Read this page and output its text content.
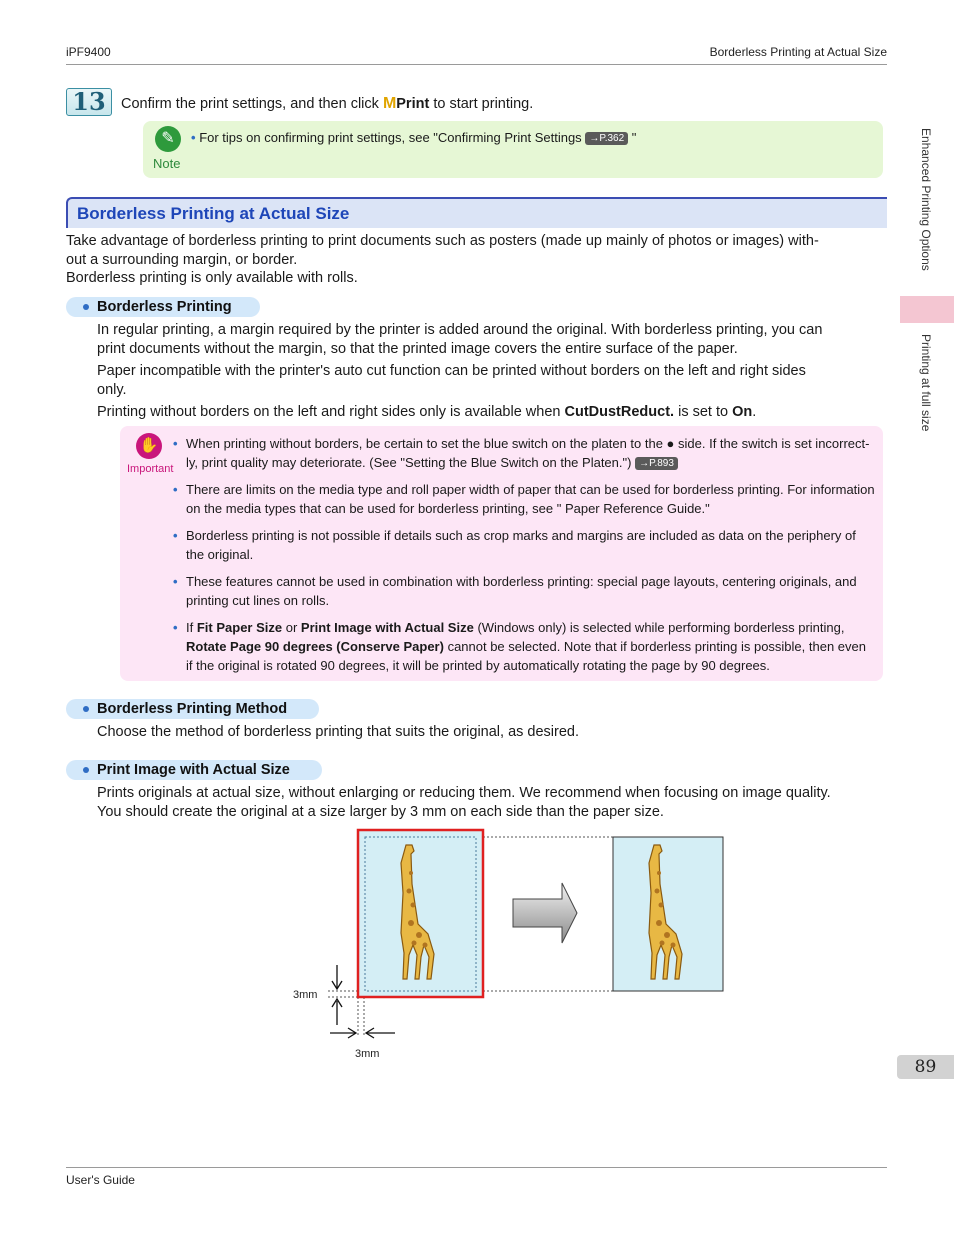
iPF9400	Borderless Printing at Actual Size
13	Confirm the print settings, and then click MPrint to start printing.
✎
Note
• For tips on confirming print settings, see "Confirming Print Settings →P.362 "
Borderless Printing at Actual Size
Take advantage of borderless printing to print documents such as posters (made up mainly of photos or images) with-
out a surrounding margin, or border.
Borderless printing is only available with rolls.
Borderless Printing
In regular printing, a margin required by the printer is added around the original. With borderless printing, you can
print documents without the margin, so that the printed image covers the entire surface of the paper.
Paper incompatible with the printer's auto cut function can be printed without borders on the left and right sides
only.
Printing without borders on the left and right sides only is available when CutDustReduct. is set to On.
✋
Important
• When printing without borders, be certain to set the blue switch on the platen to the ● side. If the switch is set incorrect-
ly, print quality may deteriorate. (See "Setting the Blue Switch on the Platen.") →P.893
• There are limits on the media type and roll paper width of paper that can be used for borderless printing. For information
on the media types that can be used for borderless printing, see " Paper Reference Guide."
• Borderless printing is not possible if details such as crop marks and margins are included as data on the periphery of
the original.
• These features cannot be used in combination with borderless printing: special page layouts, centering originals, and
printing cut lines on rolls.
• If Fit Paper Size or Print Image with Actual Size (Windows only) is selected while performing borderless printing,
Rotate Page 90 degrees (Conserve Paper) cannot be selected. Note that if borderless printing is possible, then even
if the original is rotated 90 degrees, it will be printed by automatically rotating the page by 90 degrees.
Borderless Printing Method
Choose the method of borderless printing that suits the original, as desired.
Print Image with Actual Size
Prints originals at actual size, without enlarging or reducing them. We recommend when focusing on image quality.
You should create the original at a size larger by 3 mm on each side than the paper size.
3mm
3mm
Enhanced Printing Options
Printing at full size
89
User's Guide
